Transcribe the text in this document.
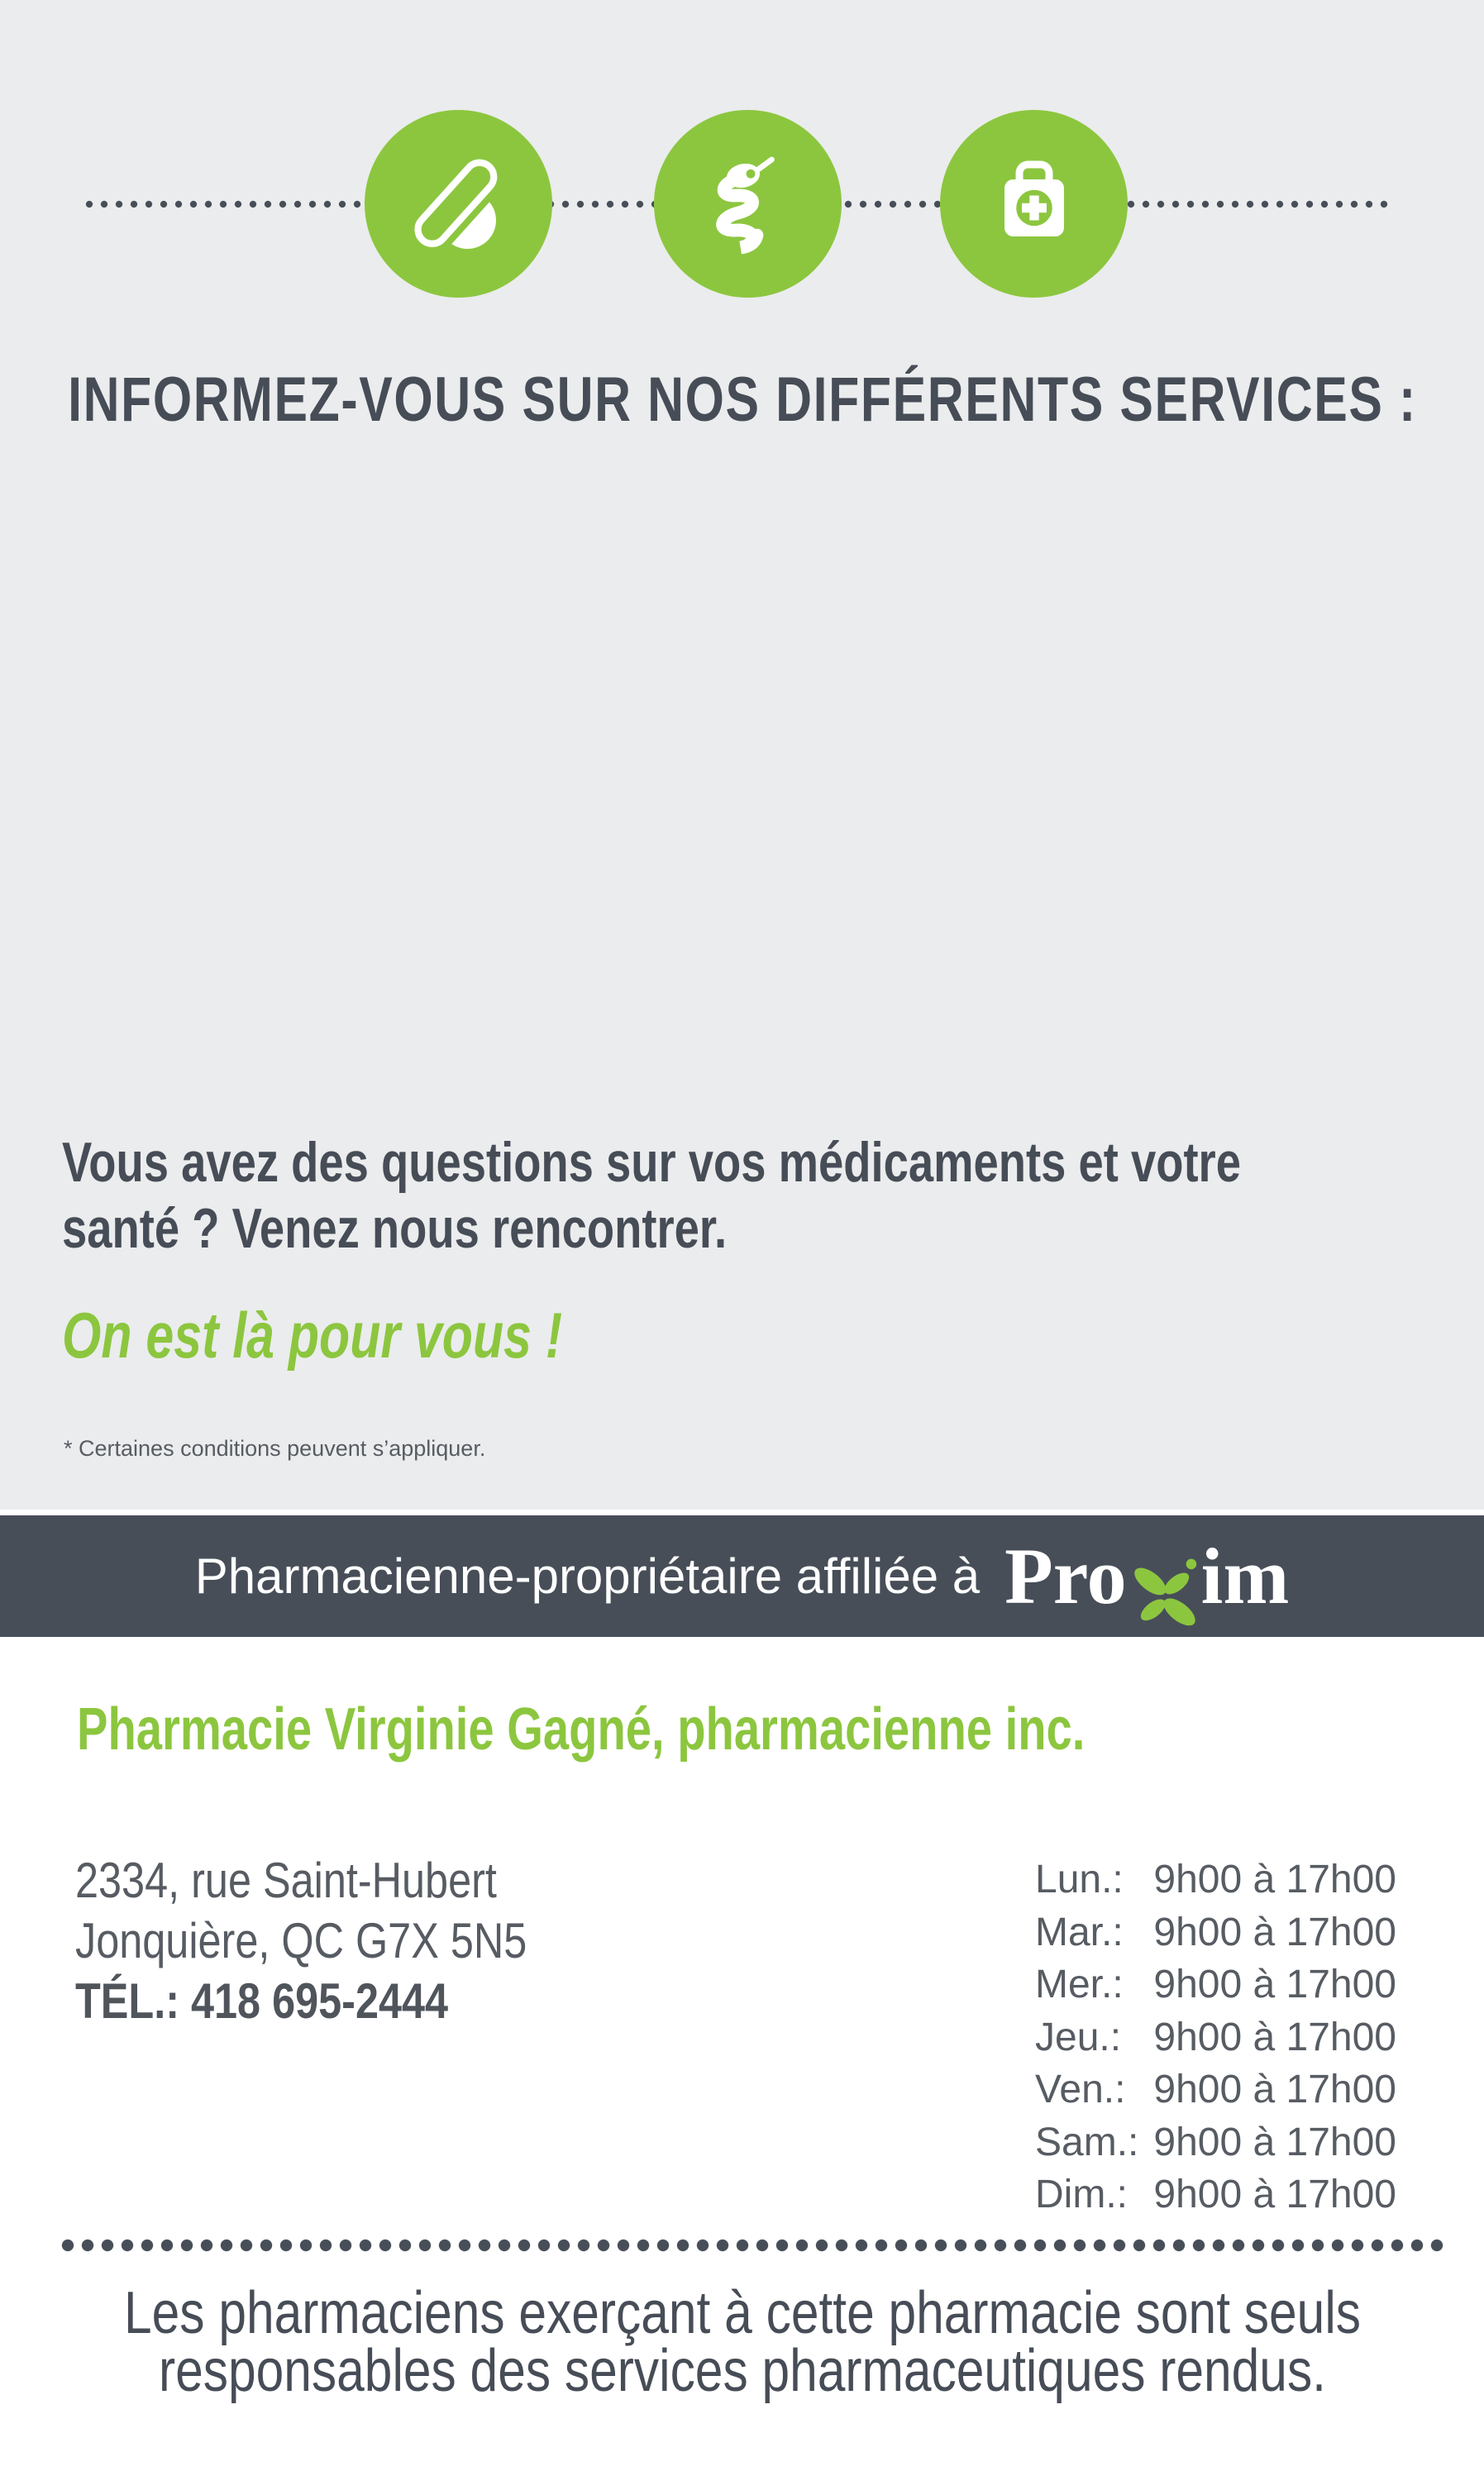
INFORMEZ-VOUS SUR NOS DIFFÉRENTS SERVICES :
Vous avez des questions sur vos médicaments et votre
santé ? Venez nous rencontrer.
On est là pour vous !
* Certaines conditions peuvent s’appliquer.
Pharmacienne-propriétaire affiliée à Pro im
Pharmacie Virginie Gagné, pharmacienne inc.
2334, rue Saint-Hubert
Jonquière, QC G7X 5N5
TÉL.: 418 695-2444
Lun.: 9h00 à 17h00
Mar.: 9h00 à 17h00
Mer.: 9h00 à 17h00
Jeu.: 9h00 à 17h00
Ven.: 9h00 à 17h00
Sam.: 9h00 à 17h00
Dim.: 9h00 à 17h00
Les pharmaciens exerçant à cette pharmacie sont seuls
responsables des services pharmaceutiques rendus.
